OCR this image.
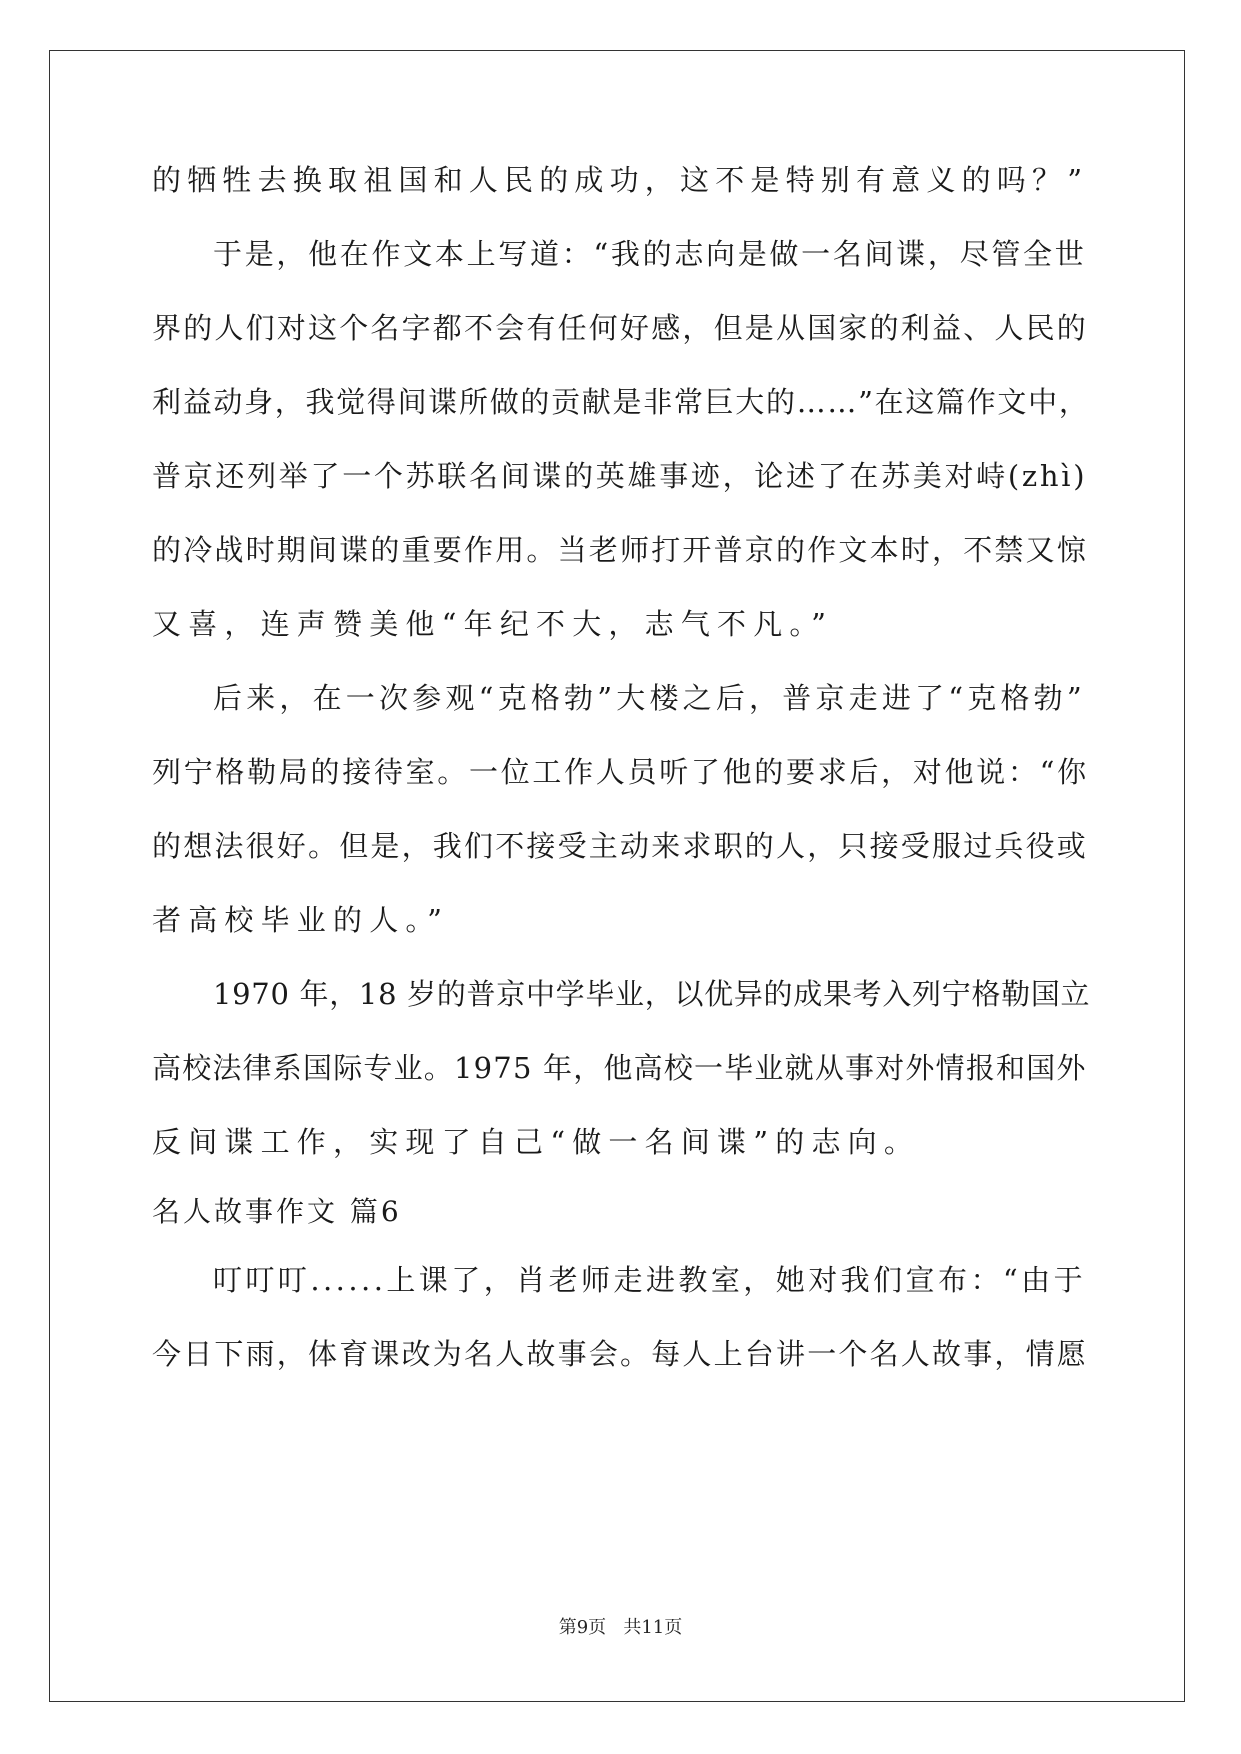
的牺牲去换取祖国和人民的成功，这不是特别有意义的吗？”
于是，他在作文本上写道：“我的志向是做一名间谍，尽管全世
界的人们对这个名字都不会有任何好感，但是从国家的利益、人民的
利益动身，我觉得间谍所做的贡献是非常巨大的……”在这篇作文中，
普京还列举了一个苏联名间谍的英雄事迹，论述了在苏美对峙(zhì)
的冷战时期间谍的重要作用。当老师打开普京的作文本时，不禁又惊
又喜，连声赞美他“年纪不大，志气不凡。”
后来，在一次参观“克格勃”大楼之后，普京走进了“克格勃”
列宁格勒局的接待室。一位工作人员听了他的要求后，对他说：“你
的想法很好。但是，我们不接受主动来求职的人，只接受服过兵役或
者高校毕业的人。”
1970 年，18 岁的普京中学毕业，以优异的成果考入列宁格勒国立
高校法律系国际专业。1975 年，他高校一毕业就从事对外情报和国外
反间谍工作，实现了自己“做一名间谍”的志向。
名人故事作文 篇6
叮叮叮......上课了，肖老师走进教室，她对我们宣布：“由于
今日下雨，体育课改为名人故事会。每人上台讲一个名人故事，情愿
第9页 共11页
